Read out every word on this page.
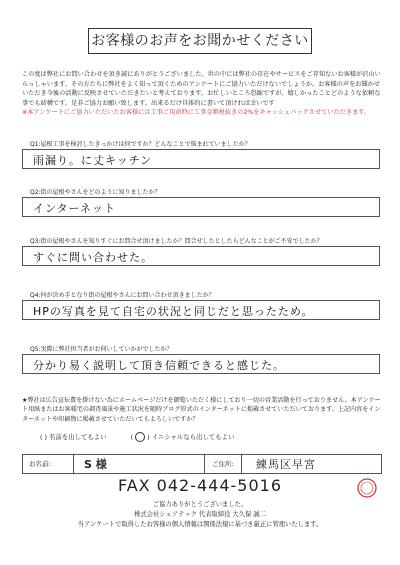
お客様のお声をお聞かせください

この度は弊社にお問い合わせを頂き誠にありがとうございました。世の中には弊社の存在やサービスをご存知ないお客様が沢山いらっしゃいます。その方たちに弊社をよく知って頂くためのアンケートにご協力いただけないでしょうか。お客様の声をお聞かせいただき今後の活動に反映させていただきたいと考えております。お忙しいところ恐縮ですが、嬉しかったことどのような依頼な事でも結構です。是非ご協力お願い致します。出来るだけ具体的に書いて頂ければ幸いです

※本アンケートにご協力いただいたお客様には工事ご用命時に工事金額税抜きの2%をキャッシュバックさせていただきます。

Q1:屋根工事を検討したきっかけは何ですか？どんなことで悩まれていましたか？
雨漏り。に丈キッチン
Q2:街の屋根やさんをどのように知りましたか？
インターネット
Q3:街の屋根やさんを知りすぐにお問合せ頂けましたか？問合せしたとしたらどんなことがご不安でしたか？
すぐに問い合わせた。
Q4:何が決め手となり街の屋根やさんにお問い合わせ頂きましたか？
HPの写真を見て自宅の状況と同じだと思ったため。
Q5:実際に弊社担当者がお伺いしていかがでしたか？
分かり易く説明して頂き信頼できると感じた。

★弊社は広告宣伝費を掛けない為にホームページだけを御覧いただく様にしており一切の営業活動を行っておりません。本アンケート用紙またはお客様宅の調査風景や施工状況を随時ブログ形式のインターネットに掲載させていただいております。上記内容をインターネットや印刷物に掲載させていただいてもよろしいですか？

( ) 名前を出してもよい	(  ) イニシャルなら出してもよい
お名前:	S 様	ご住所:	練馬区早宮
FAX 042-444-5016
ご協力ありがとうございました。
株式会社シェアテック 代表取締役 大久保 誠二
当アンケートで取得したお客様の個人情報は関係法規に基づき厳正に管理いたします。
